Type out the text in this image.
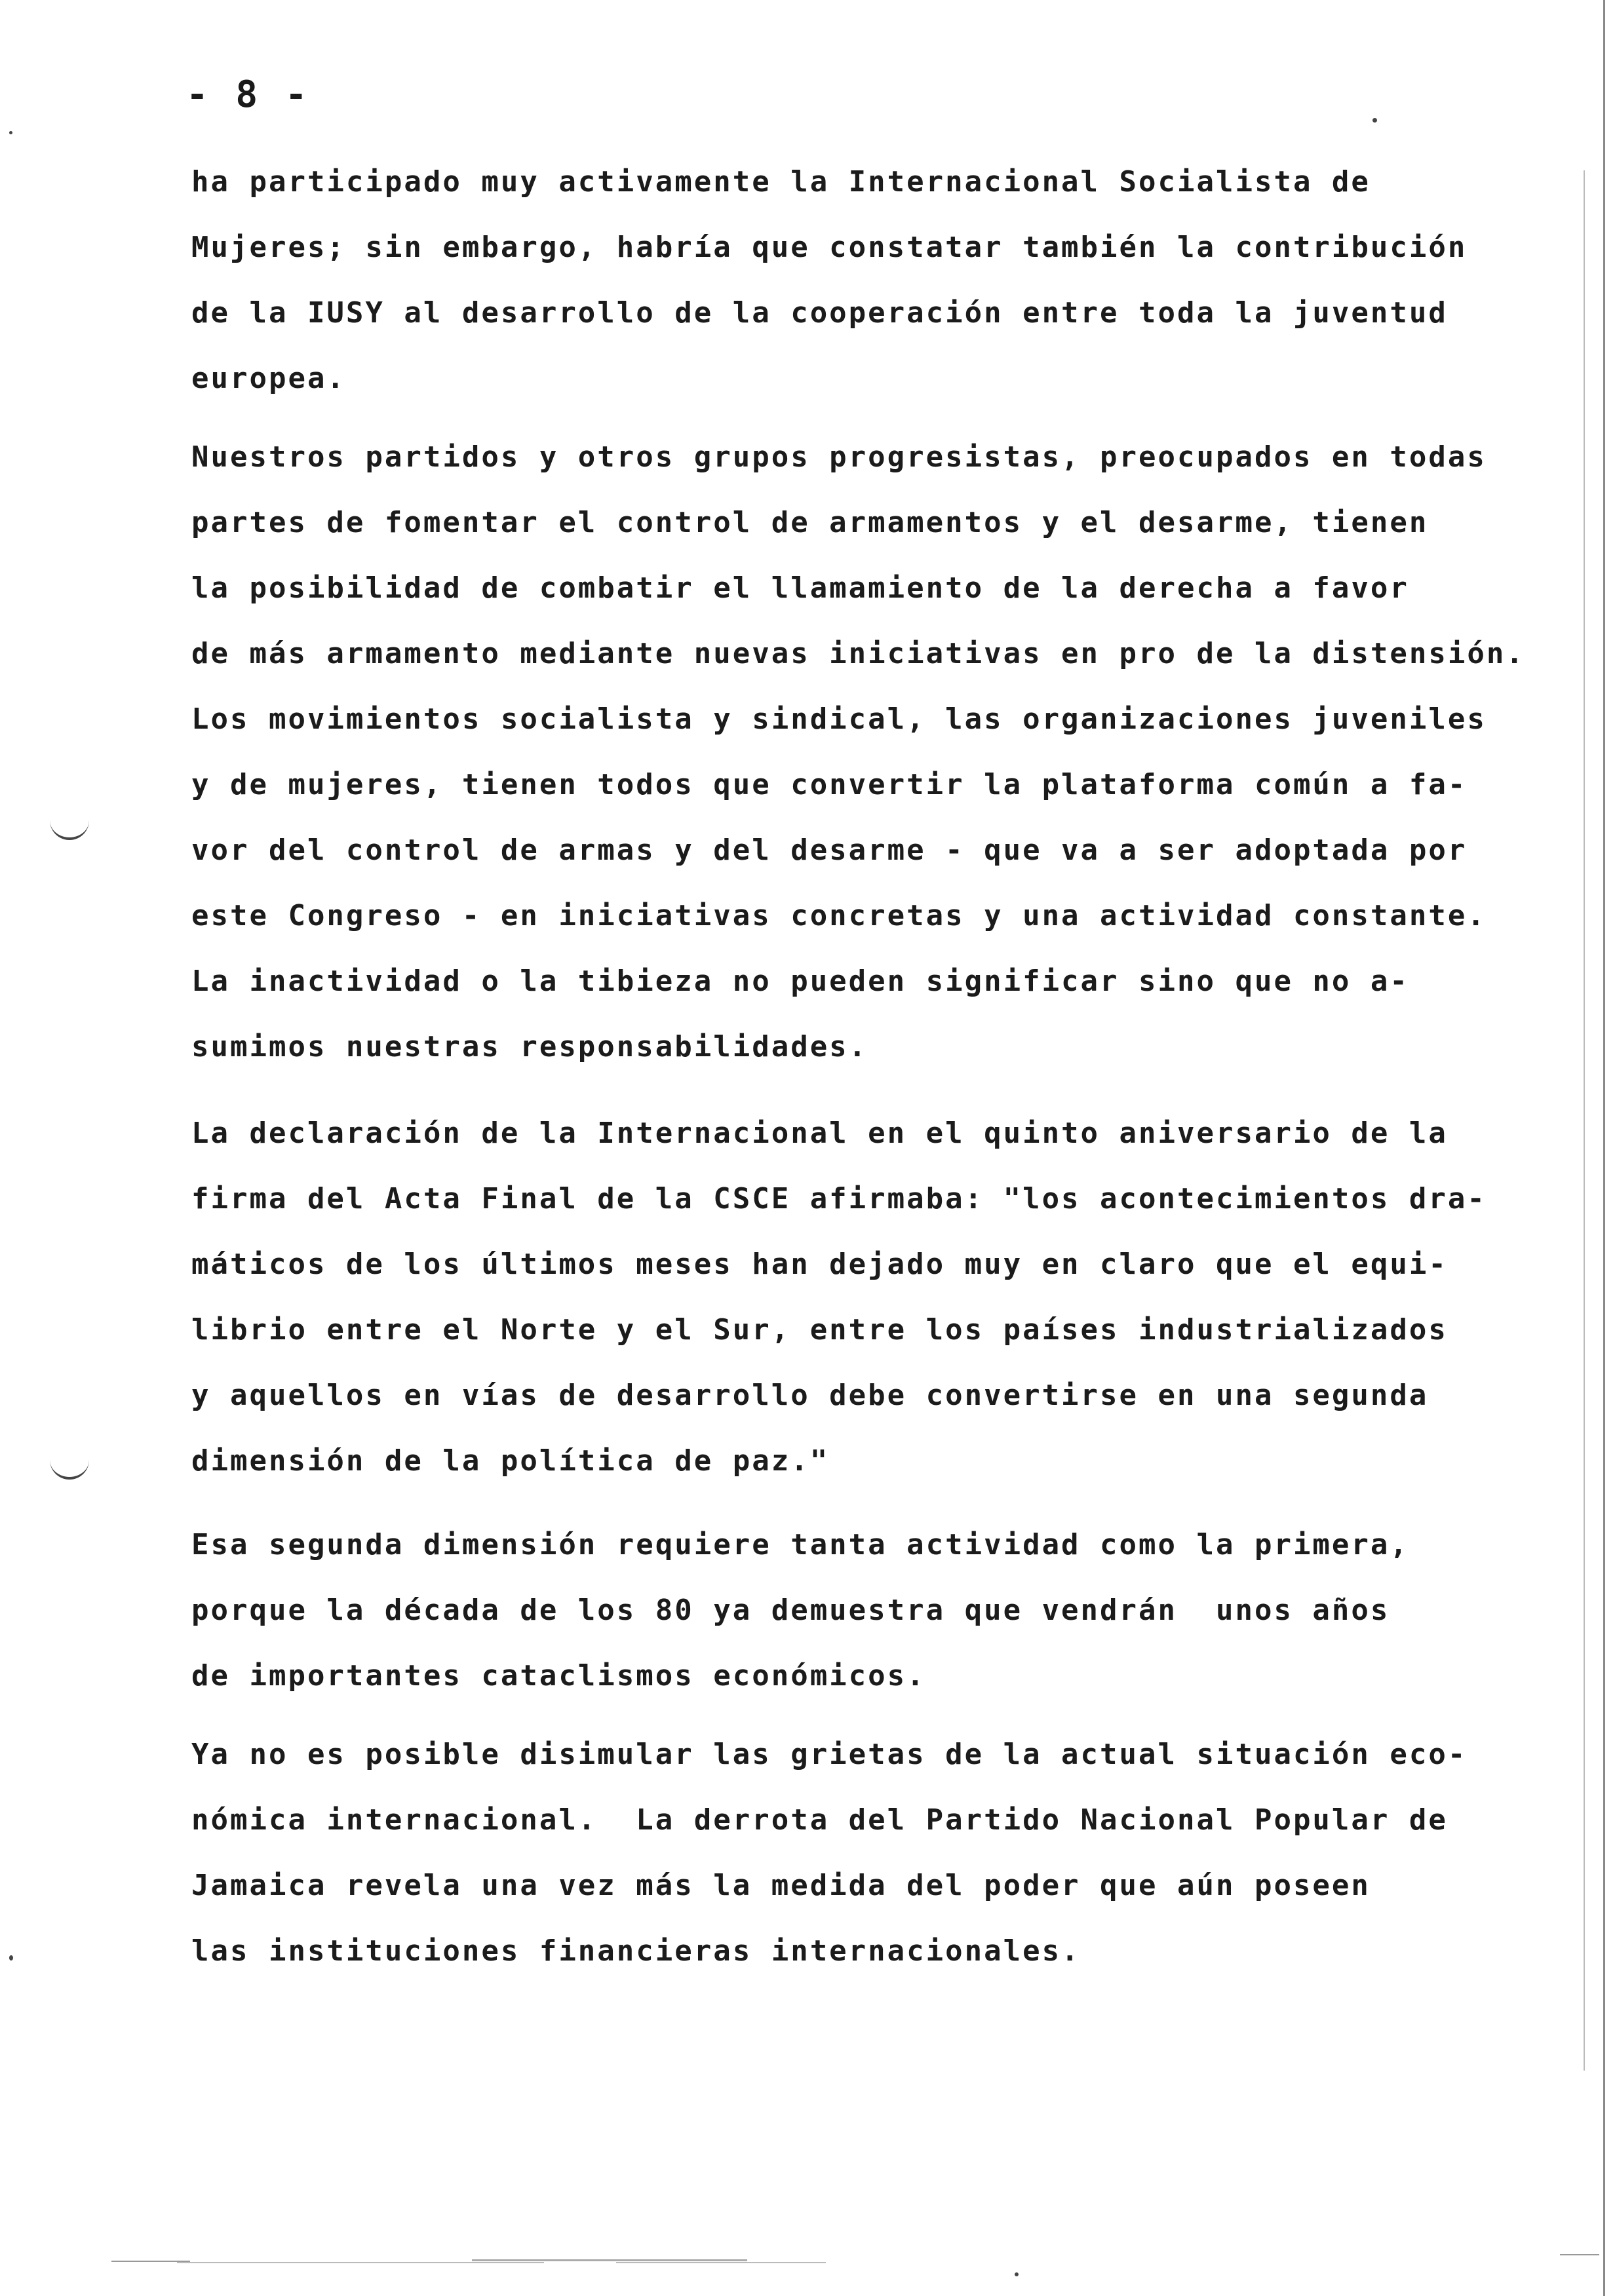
- 8 -
ha participado muy activamente la Internacional Socialista de
Mujeres; sin embargo, habría que constatar también la contribución
de la IUSY al desarrollo de la cooperación entre toda la juventud
europea.
Nuestros partidos y otros grupos progresistas, preocupados en todas
partes de fomentar el control de armamentos y el desarme, tienen
la posibilidad de combatir el llamamiento de la derecha a favor
de más armamento mediante nuevas iniciativas en pro de la distensión.
Los movimientos socialista y sindical, las organizaciones juveniles
y de mujeres, tienen todos que convertir la plataforma común a fa-
vor del control de armas y del desarme - que va a ser adoptada por
este Congreso - en iniciativas concretas y una actividad constante.
La inactividad o la tibieza no pueden significar sino que no a-
sumimos nuestras responsabilidades.
La declaración de la Internacional en el quinto aniversario de la
firma del Acta Final de la CSCE afirmaba: "los acontecimientos dra-
máticos de los últimos meses han dejado muy en claro que el equi-
librio entre el Norte y el Sur, entre los países industrializados
y aquellos en vías de desarrollo debe convertirse en una segunda
dimensión de la política de paz."
Esa segunda dimensión requiere tanta actividad como la primera,
porque la década de los 80 ya demuestra que vendrán  unos años
de importantes cataclismos económicos.
Ya no es posible disimular las grietas de la actual situación eco-
nómica internacional.  La derrota del Partido Nacional Popular de
Jamaica revela una vez más la medida del poder que aún poseen
las instituciones financieras internacionales.
